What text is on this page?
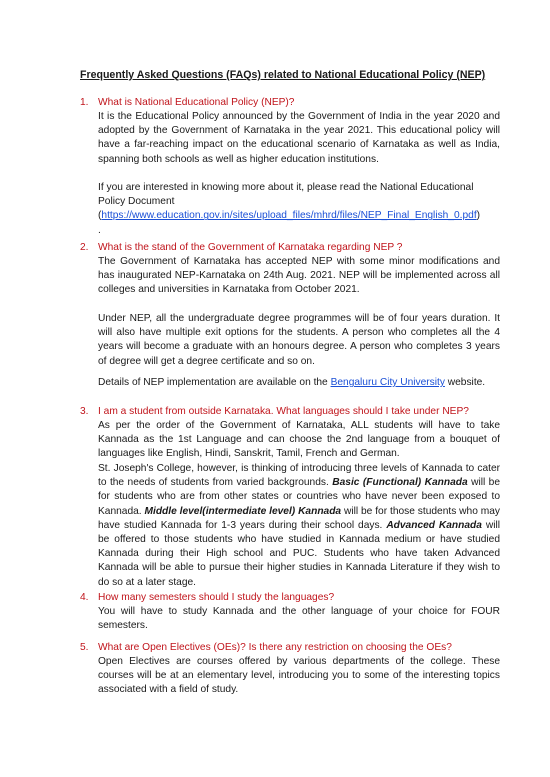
Frequently Asked Questions (FAQs) related to National Educational Policy (NEP)
1. What is National Educational Policy (NEP)?
It is the Educational Policy announced by the Government of India in the year 2020 and adopted by the Government of Karnataka in the year 2021. This educational policy will have a far-reaching impact on the educational scenario of Karnataka as well as India, spanning both schools as well as higher education institutions.
If you are interested in knowing more about it, please read the National Educational Policy Document
(https://www.education.gov.in/sites/upload_files/mhrd/files/NEP_Final_English_0.pdf)
.
2. What is the stand of the Government of Karnataka regarding NEP ?
The Government of Karnataka has accepted NEP with some minor modifications and has inaugurated NEP-Karnataka on 24th Aug. 2021. NEP will be implemented across all colleges and universities in Karnataka from October 2021.
Under NEP, all the undergraduate degree programmes will be of four years duration. It will also have multiple exit options for the students. A person who completes all the 4 years will become a graduate with an honours degree. A person who completes 3 years of degree will get a degree certificate and so on.
Details of NEP implementation are available on the Bengaluru City University website.
3. I am a student from outside Karnataka. What languages should I take under NEP?
As per the order of the Government of Karnataka, ALL students will have to take Kannada as the 1st Language and can choose the 2nd language from a bouquet of languages like English, Hindi, Sanskrit, Tamil, French and German.
St. Joseph's College, however, is thinking of introducing three levels of Kannada to cater to the needs of students from varied backgrounds. Basic (Functional) Kannada will be for students who are from other states or countries who have never been exposed to Kannada. Middle level(intermediate level) Kannada will be for those students who may have studied Kannada for 1-3 years during their school days. Advanced Kannada will be offered to those students who have studied in Kannada medium or have studied Kannada during their High school and PUC. Students who have taken Advanced Kannada will be able to pursue their higher studies in Kannada Literature if they wish to do so at a later stage.
4. How many semesters should I study the languages?
You will have to study Kannada and the other language of your choice for FOUR semesters.
5. What are Open Electives (OEs)? Is there any restriction on choosing the OEs?
Open Electives are courses offered by various departments of the college. These courses will be at an elementary level, introducing you to some of the interesting topics associated with a field of study.
